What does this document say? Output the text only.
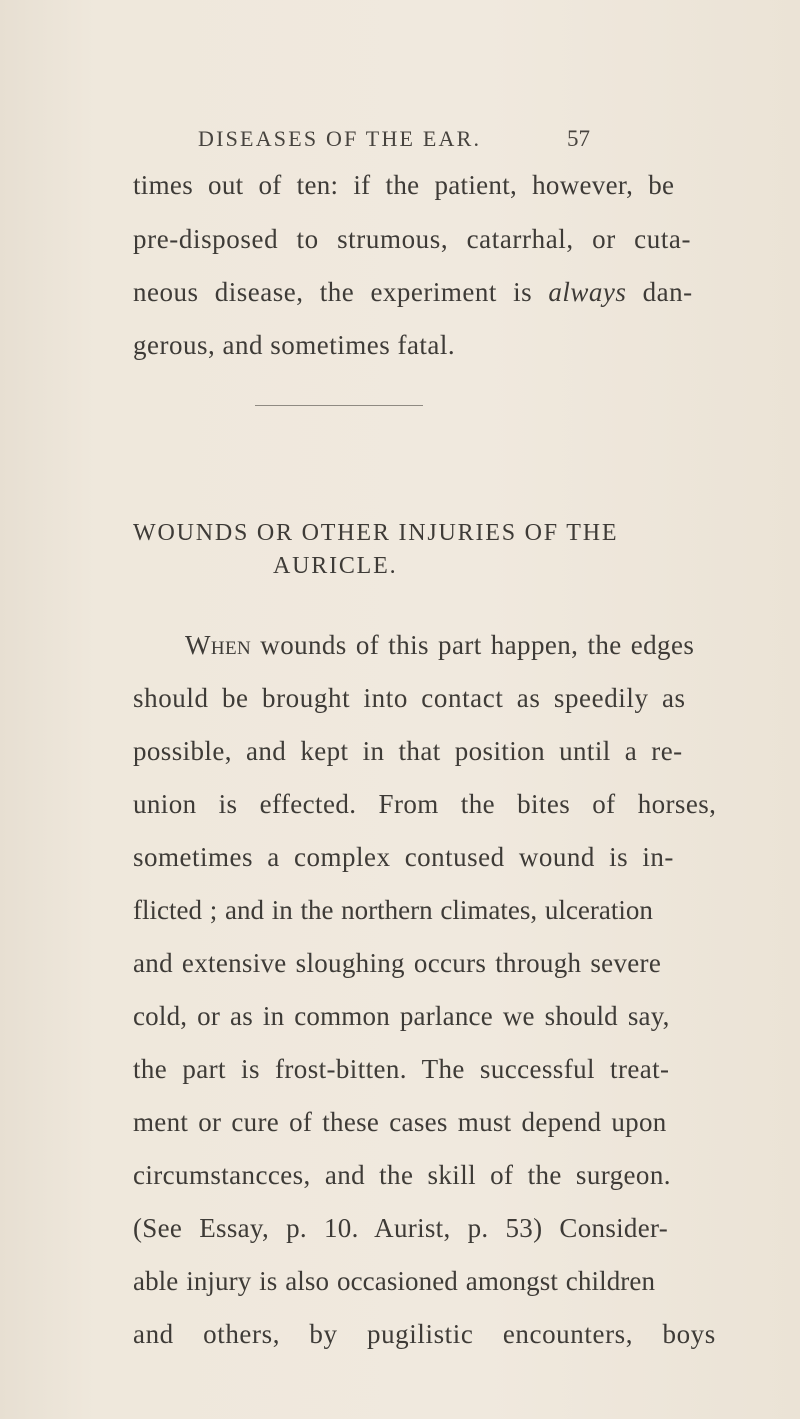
DISEASES OF THE EAR.	57
times out of ten: if the patient, however, be
pre-disposed to strumous, catarrhal, or cuta-
neous disease, the experiment is always dan-
gerous, and sometimes fatal.
WOUNDS OR OTHER INJURIES OF THE
AURICLE.
When wounds of this part happen, the edges
should be brought into contact as speedily as
possible, and kept in that position until a re-
union is effected. From the bites of horses,
sometimes a complex contused wound is in-
flicted ; and in the northern climates, ulceration
and extensive sloughing occurs through severe
cold, or as in common parlance we should say,
the part is frost-bitten. The successful treat-
ment or cure of these cases must depend upon
circumstancces, and the skill of the surgeon.
(See Essay, p. 10. Aurist, p. 53) Consider-
able injury is also occasioned amongst children
and others, by pugilistic encounters, boys
